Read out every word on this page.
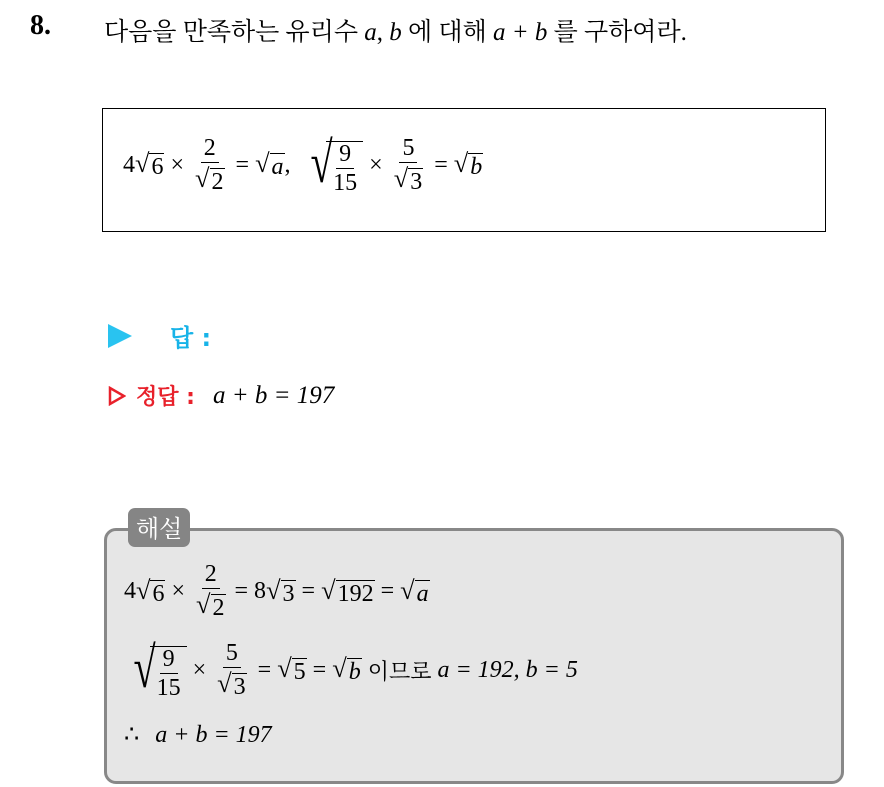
8. 다음을 만족하는 유리수 a, b 에 대해 a + b 를 구하여라.
4 √ $6 \times \frac{2}{√ 2}$ = √ a , √
$\frac{9}{15} \times \frac{5}{√ 3}$ = √ b
답 :
정답 : a + b = 197
해설
4 √ $6 \times \frac{2}{√ 2} = 8$ √ 3 = √ 192 = √ a
√
$\frac{9}{15} \times \frac{5}{√ 3}$ = √ 5 = √ b 이므로 a = 192, b = 5
∴ a + b = 197
